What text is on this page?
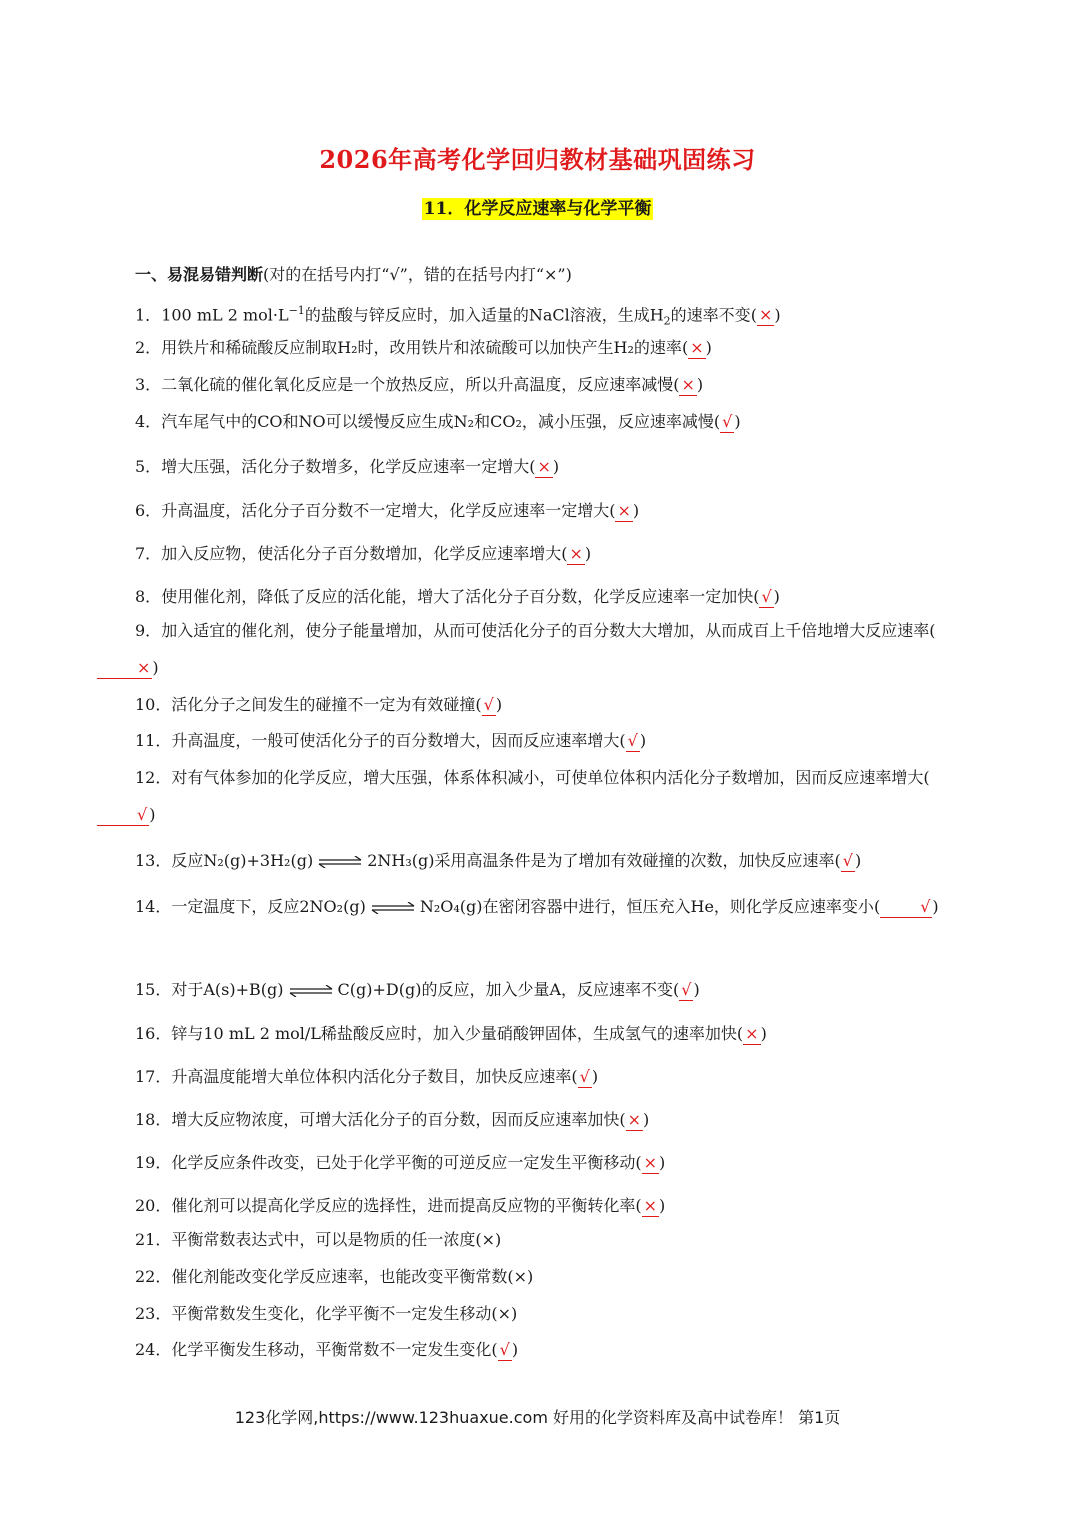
2026年高考化学回归教材基础巩固练习
11．化学反应速率与化学平衡
一、易混易错判断(对的在括号内打“√”，错的在括号内打“×”)
1．100 mL 2 $mol\cdot L^{-1}$的盐酸与锌反应时，加入适量的NaCl溶液，生成$H_2$的速率不变( × )
2．用铁片和稀硫酸反应制取H₂时，改用铁片和浓硫酸可以加快产生H₂的速率( × )
3．二氧化硫的催化氧化反应是一个放热反应，所以升高温度，反应速率减慢( × )
4．汽车尾气中的CO和NO可以缓慢反应生成N₂和CO₂，减小压强，反应速率减慢( √ )
5．增大压强，活化分子数增多，化学反应速率一定增大( × )
6．升高温度，活化分子百分数不一定增大，化学反应速率一定增大( × )
7．加入反应物，使活化分子百分数增加，化学反应速率增大( × )
8．使用催化剂，降低了反应的活化能，增大了活化分子百分数，化学反应速率一定加快( √ )
9．加入适宜的催化剂，使分子能量增加，从而可使活化分子的百分数大大增加，从而成百上千倍地增大反应速率(× )
10．活化分子之间发生的碰撞不一定为有效碰撞( √ )
11．升高温度，一般可使活化分子的百分数增大，因而反应速率增大( √ )
12．对有气体参加的化学反应，增大压强，体系体积减小，可使单位体积内活化分子数增加，因而反应速率增大(√ )
13．反应N₂(g)+3H₂(g) ⇌ 2NH₃(g)采用高温条件是为了增加有效碰撞的次数，加快反应速率( √ )
14．一定温度下，反应2NO₂(g) ⇌ N₂O₄(g)在密闭容器中进行，恒压充入He，则化学反应速率变小(	√ )
15．对于A(s)+B(g) ⇌ C(g)+D(g)的反应，加入少量A，反应速率不变( √ )
16．锌与10 mL 2 mol/L稀盐酸反应时，加入少量硝酸钾固体，生成氢气的速率加快( × )
17．升高温度能增大单位体积内活化分子数目，加快反应速率( √ )
18．增大反应物浓度，可增大活化分子的百分数，因而反应速率加快( × )
19．化学反应条件改变，已处于化学平衡的可逆反应一定发生平衡移动( × )
20．催化剂可以提高化学反应的选择性，进而提高反应物的平衡转化率( × )
21．平衡常数表达式中，可以是物质的任一浓度(×)
22．催化剂能改变化学反应速率，也能改变平衡常数(×)
23．平衡常数发生变化，化学平衡不一定发生移动(×)
24．化学平衡发生移动，平衡常数不一定发生变化( √ )
123化学网,https://www.123huaxue.com 好用的化学资料库及高中试卷库！ 第1页
